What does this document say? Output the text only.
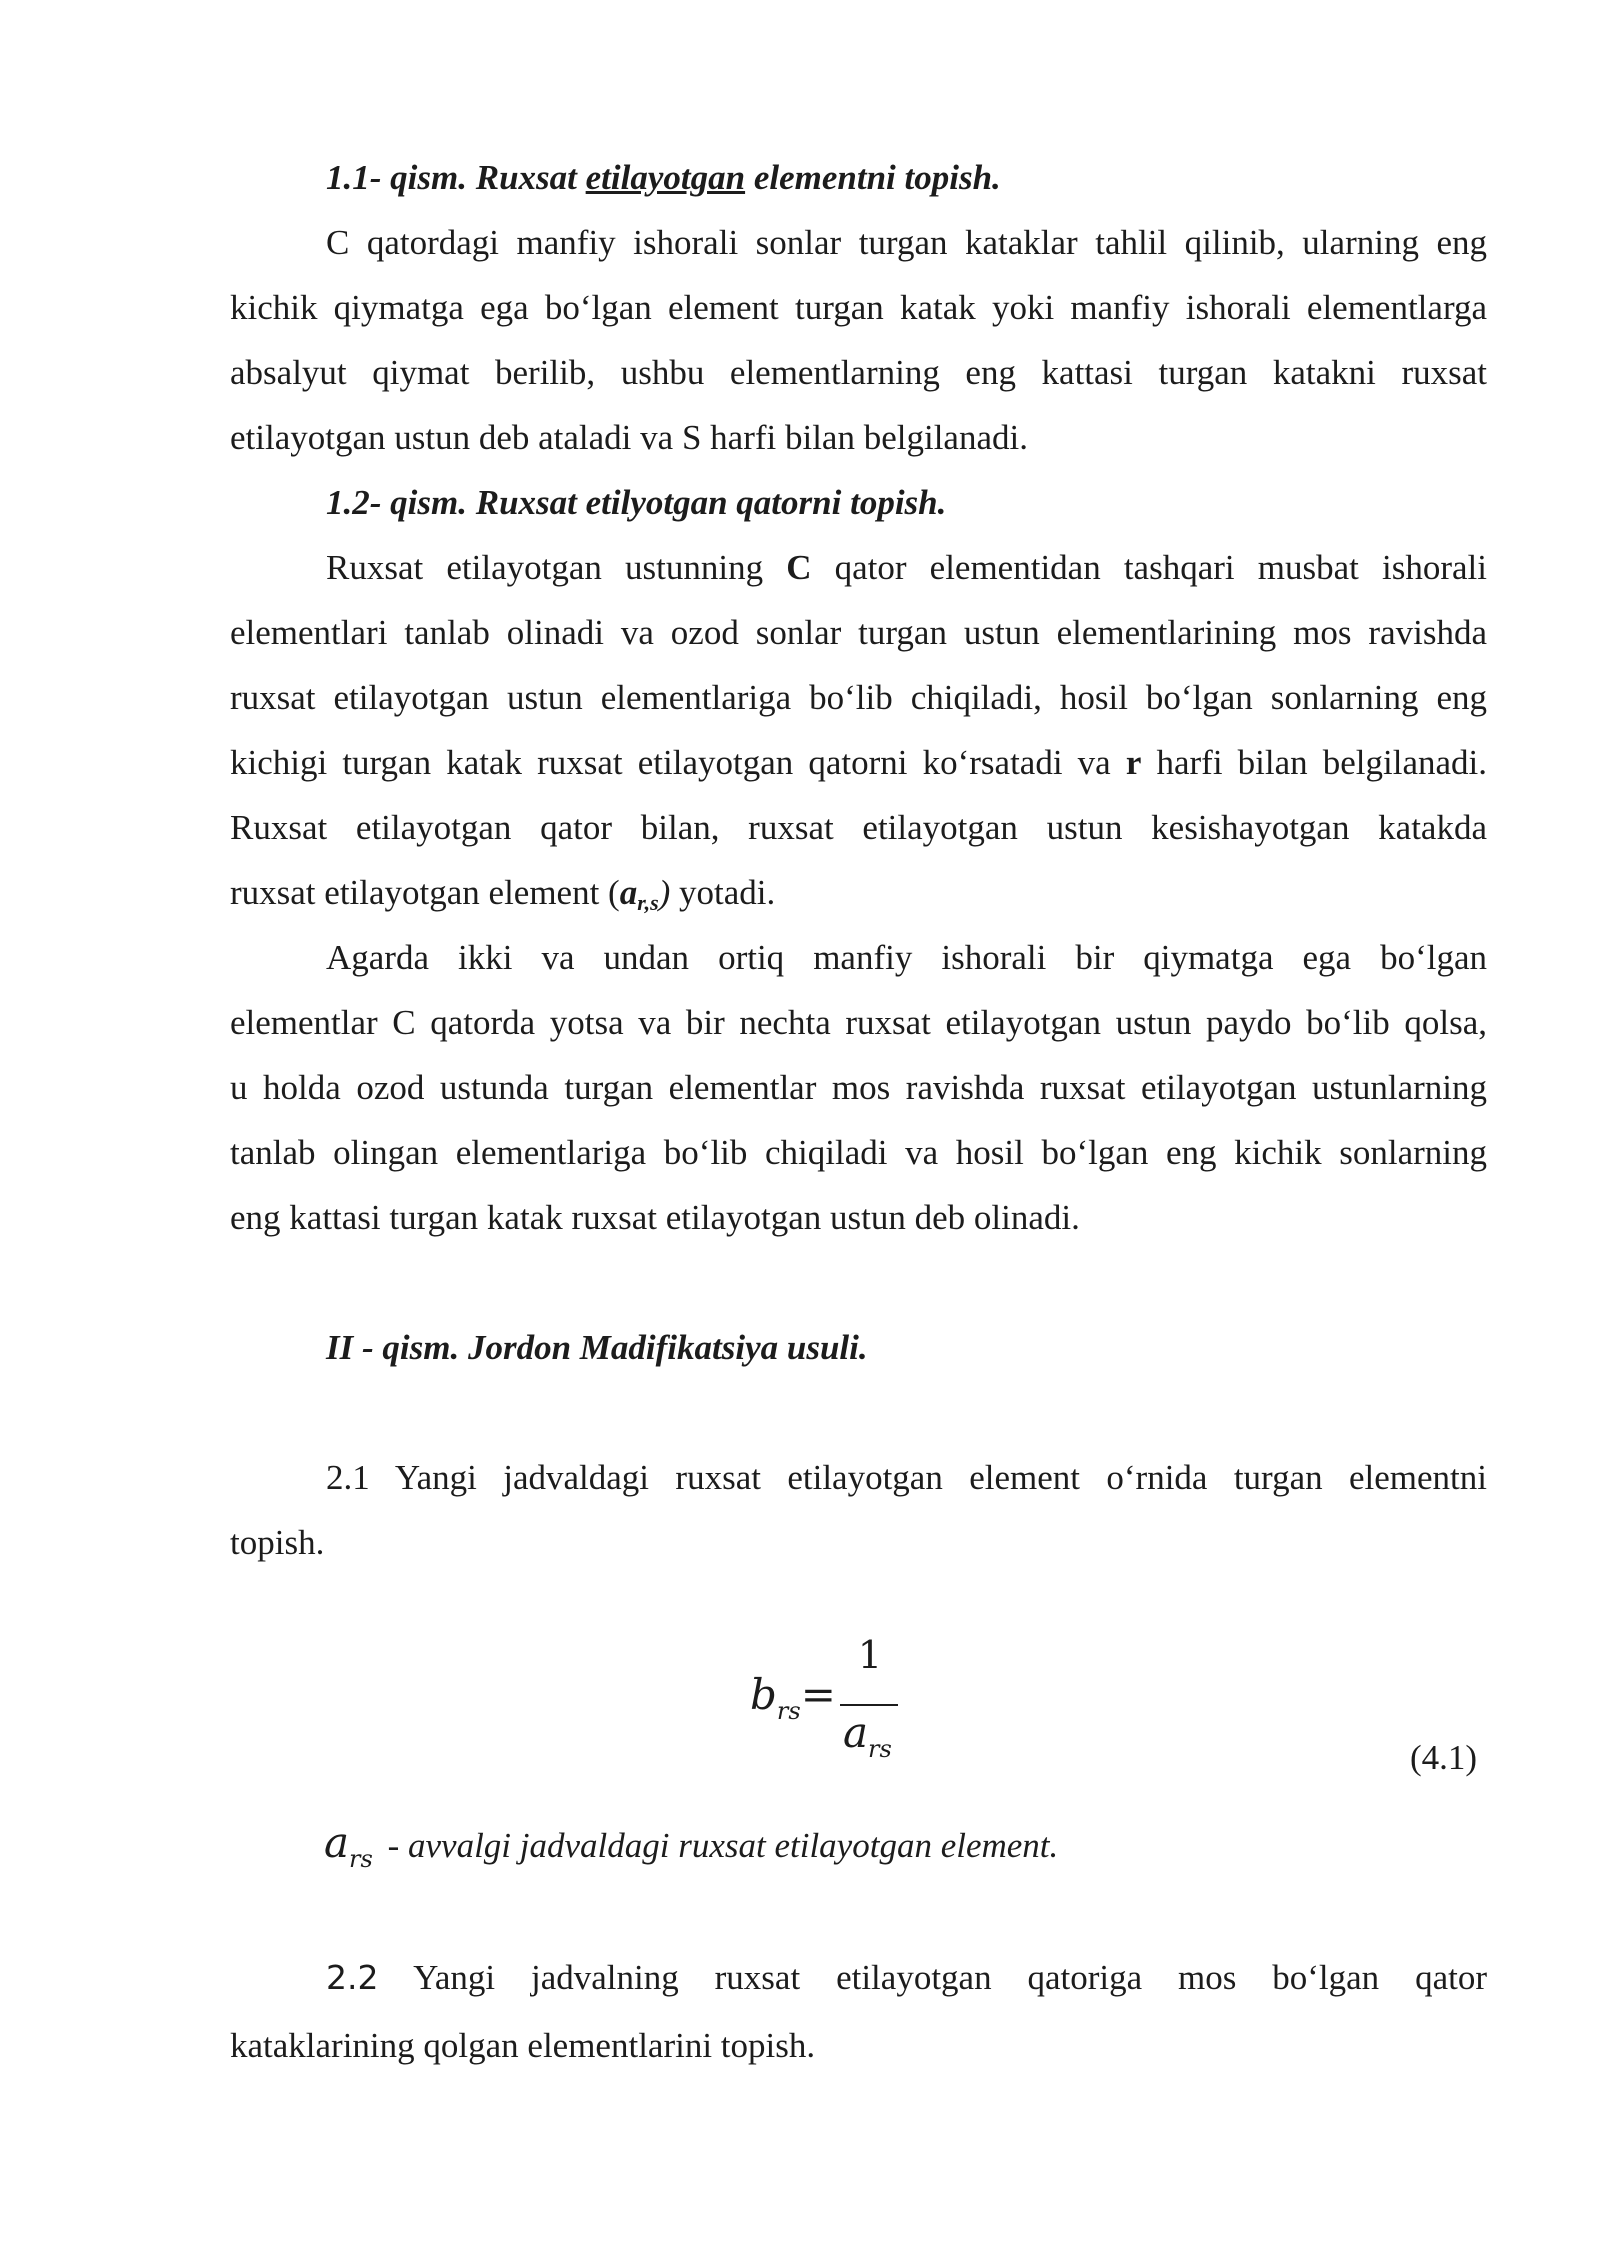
1.1- qism. Ruxsat etilayotgan elementni topish.
C qatordagi manfiy ishorali sonlar turgan kataklar tahlil qilinib, ularning eng
kichik qiymatga ega bo‘lgan element turgan katak yoki manfiy ishorali elementlarga
absalyut qiymat berilib, ushbu elementlarning eng kattasi turgan katakni ruxsat
etilayotgan ustun deb ataladi va S harfi bilan belgilanadi.
1.2- qism. Ruxsat etilyotgan qatorni topish.
Ruxsat etilayotgan ustunning C qator elementidan tashqari musbat ishorali
elementlari tanlab olinadi va ozod sonlar turgan ustun elementlarining mos ravishda
ruxsat etilayotgan ustun elementlariga bo‘lib chiqiladi, hosil bo‘lgan sonlarning eng
kichigi turgan katak ruxsat etilayotgan qatorni ko‘rsatadi va r harfi bilan belgilanadi.
Ruxsat etilayotgan qator bilan, ruxsat etilayotgan ustun kesishayotgan katakda
ruxsat etilayotgan element (ar,s) yotadi.
Agarda ikki va undan ortiq manfiy ishorali bir qiymatga ega bo‘lgan
elementlar C qatorda yotsa va bir nechta ruxsat etilayotgan ustun paydo bo‘lib qolsa,
u holda ozod ustunda turgan elementlar mos ravishda ruxsat etilayotgan ustunlarning
tanlab olingan elementlariga bo‘lib chiqiladi va hosil bo‘lgan eng kichik sonlarning
eng kattasi turgan katak ruxsat etilayotgan ustun deb olinadi.
II - qism. Jordon Madifikatsiya usuli.
2.1 Yangi jadvaldagi ruxsat etilayotgan element o‘rnida turgan elementni
topish.
$b_{rs}=$
1
$a_{rs}$	(4.1)
$a_{rs}$ - avvalgi jadvaldagi ruxsat etilayotgan element.
2.2 Yangi jadvalning ruxsat etilayotgan qatoriga mos bo‘lgan qator
kataklarining qolgan elementlarini topish.
